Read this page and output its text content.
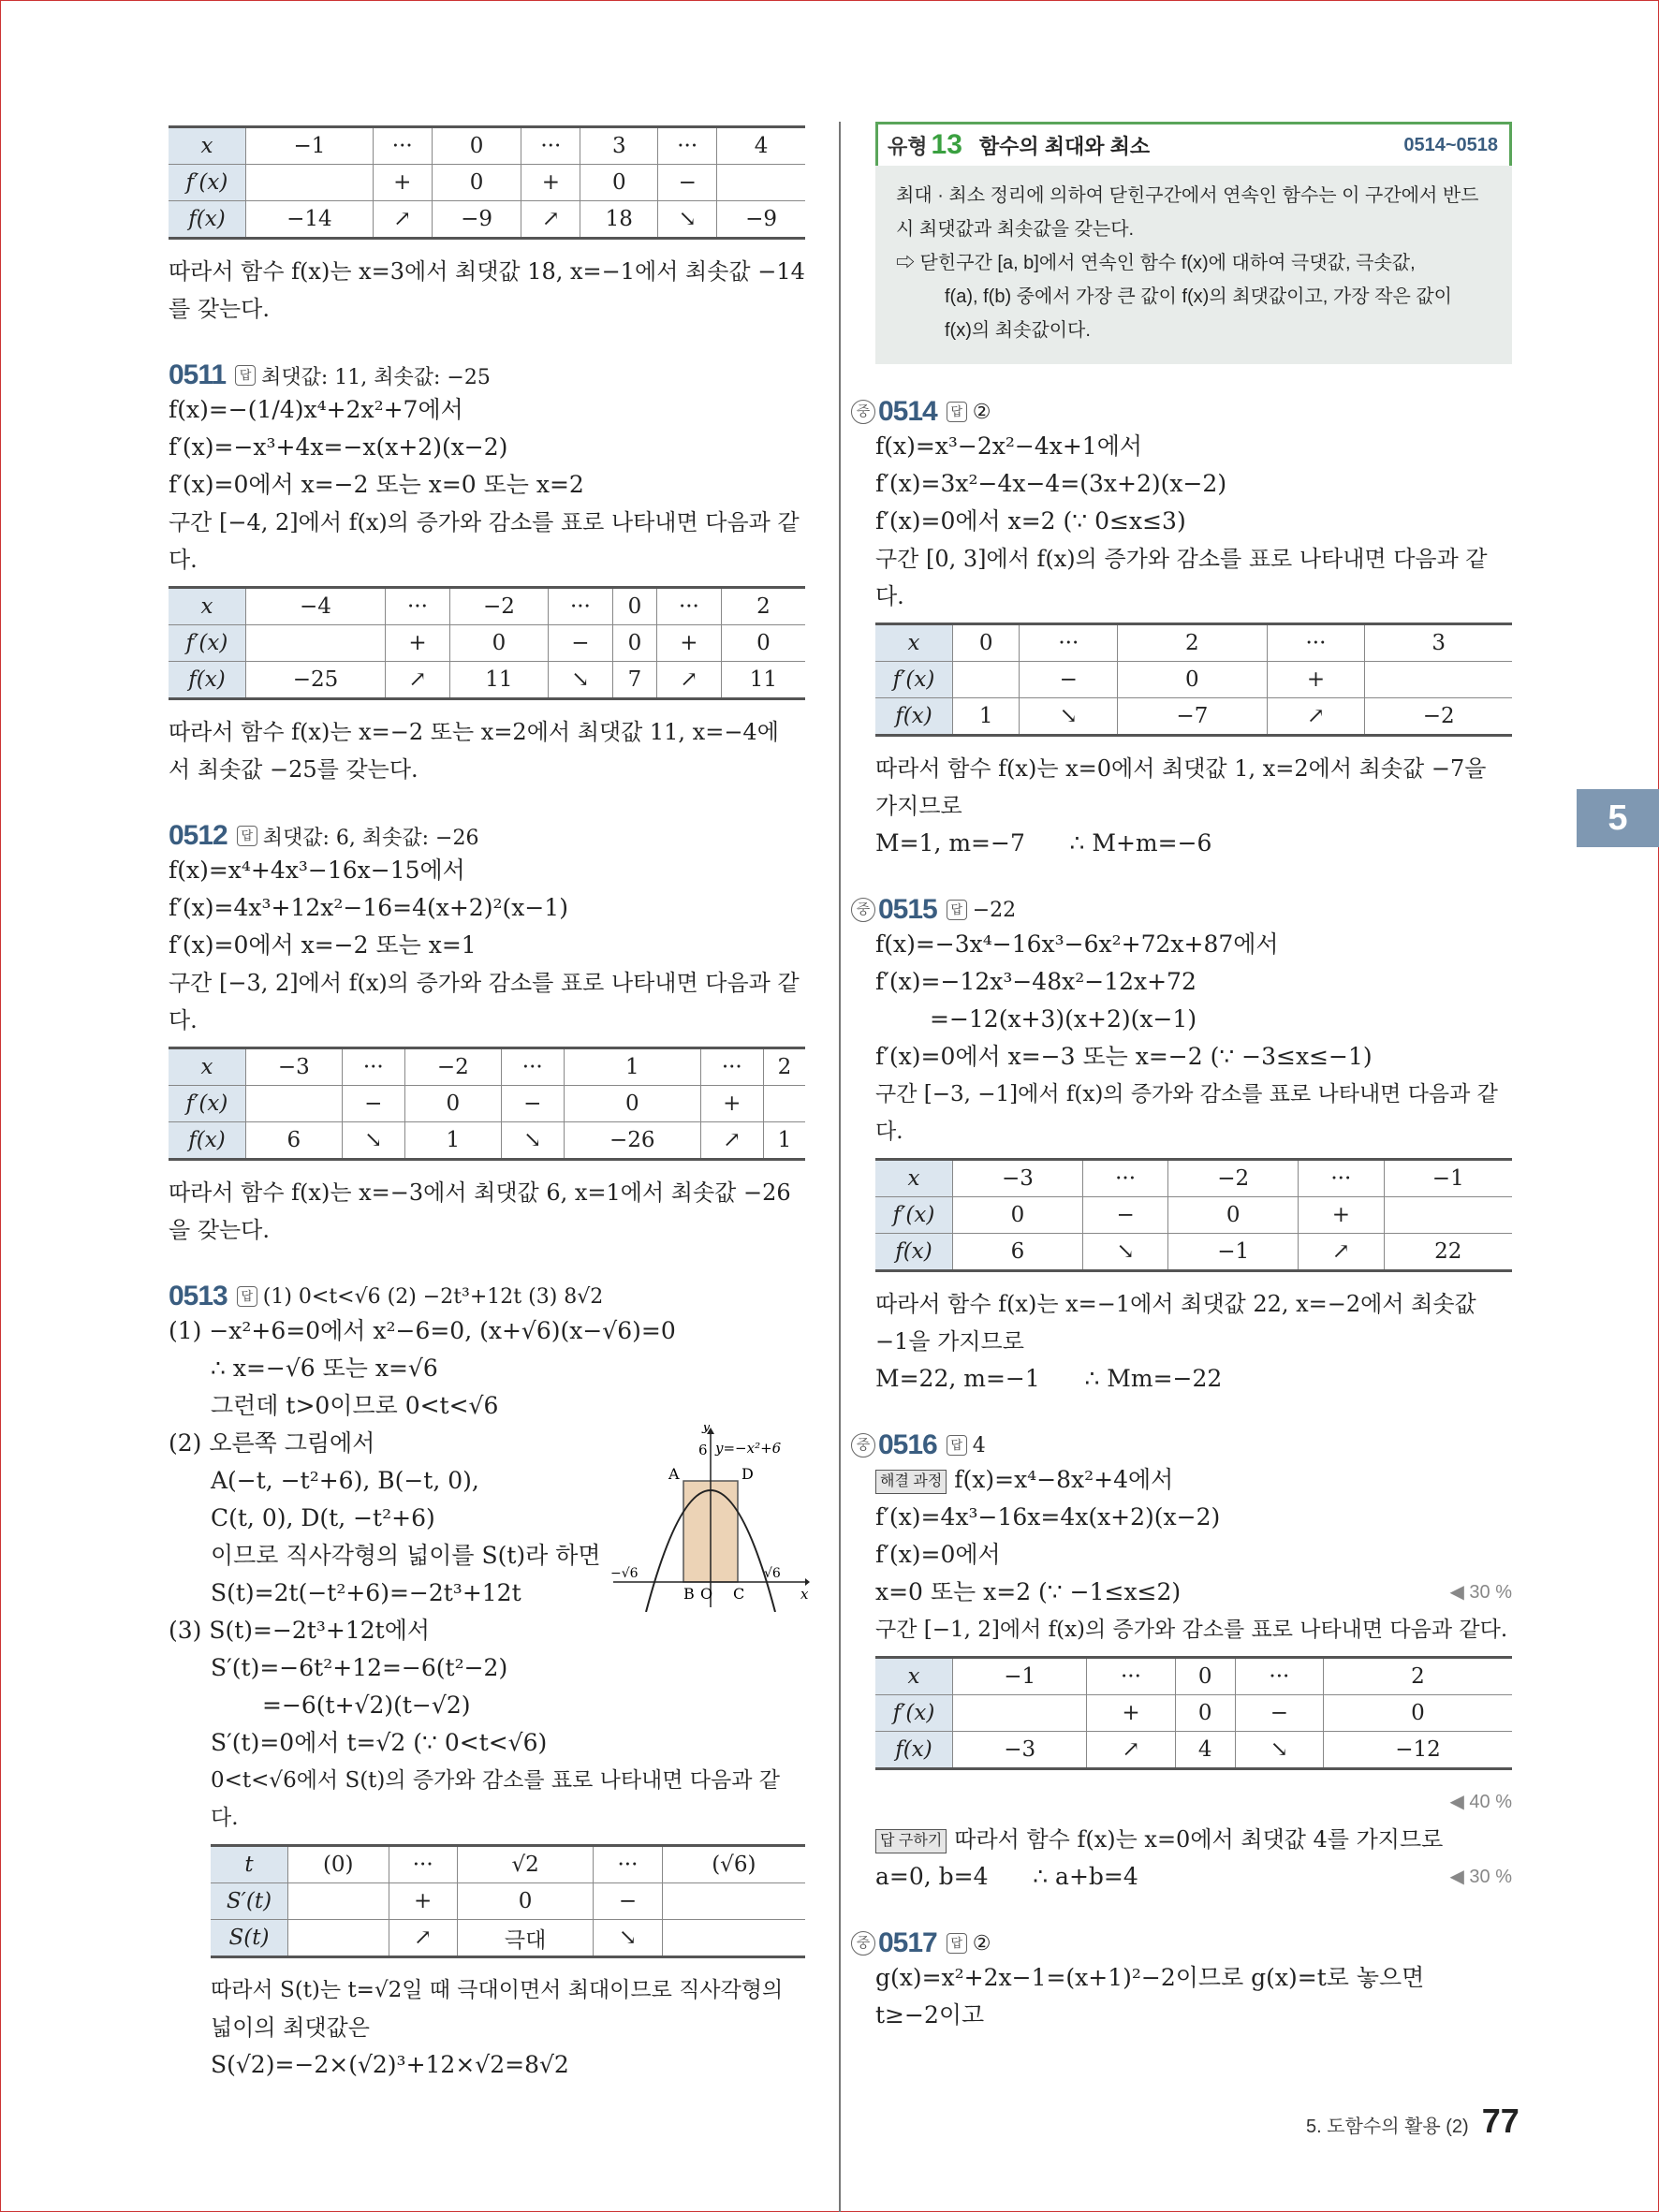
x	−1	···	0	···	3	···	4
f′(x)		+	0	+	0	−	
f(x)	−14	↗	−9	↗	18	↘	−9

따라서 함수 f(x)는 x=3에서 최댓값 18, x=−1에서 최솟값 −14

를 갖는다.

0511	답 최댓값: 11, 최솟값: −25

f(x)=−(1/4)x⁴+2x²+7에서

f′(x)=−x³+4x=−x(x+2)(x−2)

f′(x)=0에서 x=−2 또는 x=0 또는 x=2

구간 [−4, 2]에서 f(x)의 증가와 감소를 표로 나타내면 다음과 같다.

x	−4	···	−2	···	0	···	2
f′(x)		+	0	−	0	+	0
f(x)	−25	↗	11	↘	7	↗	11

따라서 함수 f(x)는 x=−2 또는 x=2에서 최댓값 11, x=−4에

서 최솟값 −25를 갖는다.

0512	답 최댓값: 6, 최솟값: −26

f(x)=x⁴+4x³−16x−15에서

f′(x)=4x³+12x²−16=4(x+2)²(x−1)

f′(x)=0에서 x=−2 또는 x=1

구간 [−3, 2]에서 f(x)의 증가와 감소를 표로 나타내면 다음과 같다.

x	−3	···	−2	···	1	···	2
f′(x)		−	0	−	0	+	
f(x)	6	↘	1	↘	−26	↗	1

따라서 함수 f(x)는 x=−3에서 최댓값 6, x=1에서 최솟값 −26

을 갖는다.

0513	답 (1) 0<t<√6 (2) −2t³+12t (3) 8√2

(1) −x²+6=0에서 x²−6=0, (x+√6)(x−√6)=0

∴ x=−√6 또는 x=√6

그런데 t>0이므로 0<t<√6

(2) 오른쪽 그림에서

A(−t, −t²+6), B(−t, 0),

C(t, 0), D(t, −t²+6)

이므로 직사각형의 넓이를 S(t)라 하면

S(t)=2t(−t²+6)=−2t³+12t

y
x
6 y=−x²+6
A	D
B O C
−√6	√6

(3) S(t)=−2t³+12t에서

S′(t)=−6t²+12=−6(t²−2)

=−6(t+√2)(t−√2)

S′(t)=0에서 t=√2 (∵ 0<t<√6)

0<t<√6에서 S(t)의 증가와 감소를 표로 나타내면 다음과 같다.

t	(0)	···	√2	···	(√6)
S′(t)		+	0	−	
S(t)		↗	극대	↘	

따라서 S(t)는 t=√2일 때 극대이면서 최대이므로 직사각형의

넓이의 최댓값은

S(√2)=−2×(√2)³+12×√2=8√2

유형 13 함수의 최대와 최소	0514~0518
최대 · 최소 정리에 의하여 닫힌구간에서 연속인 함수는 이 구간에서 반드
시 최댓값과 최솟값을 갖는다.
⇨ 닫힌구간 [a, b]에서 연속인 함수 f(x)에 대하여 극댓값, 극솟값,
f(a), f(b) 중에서 가장 큰 값이 f(x)의 최댓값이고, 가장 작은 값이
f(x)의 최솟값이다.
중 0514	답 ②

f(x)=x³−2x²−4x+1에서

f′(x)=3x²−4x−4=(3x+2)(x−2)

f′(x)=0에서 x=2 (∵ 0≤x≤3)

구간 [0, 3]에서 f(x)의 증가와 감소를 표로 나타내면 다음과 같다.

x	0	···	2	···	3
f′(x)		−	0	+	
f(x)	1	↘	−7	↗	−2

따라서 함수 f(x)는 x=0에서 최댓값 1, x=2에서 최솟값 −7을

가지므로

M=1, m=−7      ∴ M+m=−6

중 0515	답 −22

f(x)=−3x⁴−16x³−6x²+72x+87에서

f′(x)=−12x³−48x²−12x+72

=−12(x+3)(x+2)(x−1)

f′(x)=0에서 x=−3 또는 x=−2 (∵ −3≤x≤−1)

구간 [−3, −1]에서 f(x)의 증가와 감소를 표로 나타내면 다음과 같다.

x	−3	···	−2	···	−1
f′(x)	0	−	0	+	
f(x)	6	↘	−1	↗	22

따라서 함수 f(x)는 x=−1에서 최댓값 22, x=−2에서 최솟값

−1을 가지므로

M=22, m=−1      ∴ Mm=−22

중 0516	답 4

해결 과정 f(x)=x⁴−8x²+4에서

f′(x)=4x³−16x=4x(x+2)(x−2)

f′(x)=0에서

x=0 또는 x=2 (∵ −1≤x≤2)	◀ 30 %

구간 [−1, 2]에서 f(x)의 증가와 감소를 표로 나타내면 다음과 같다.

x	−1	···	0	···	2
f′(x)		+	0	−	0
f(x)	−3	↗	4	↘	−12
◀ 40 %

답 구하기 따라서 함수 f(x)는 x=0에서 최댓값 4를 가지므로

a=0, b=4      ∴ a+b=4	◀ 30 %

중 0517	답 ②

g(x)=x²+2x−1=(x+1)²−2이므로 g(x)=t로 놓으면

t≥−2이고

5
5. 도함수의 활용 (2) 77
